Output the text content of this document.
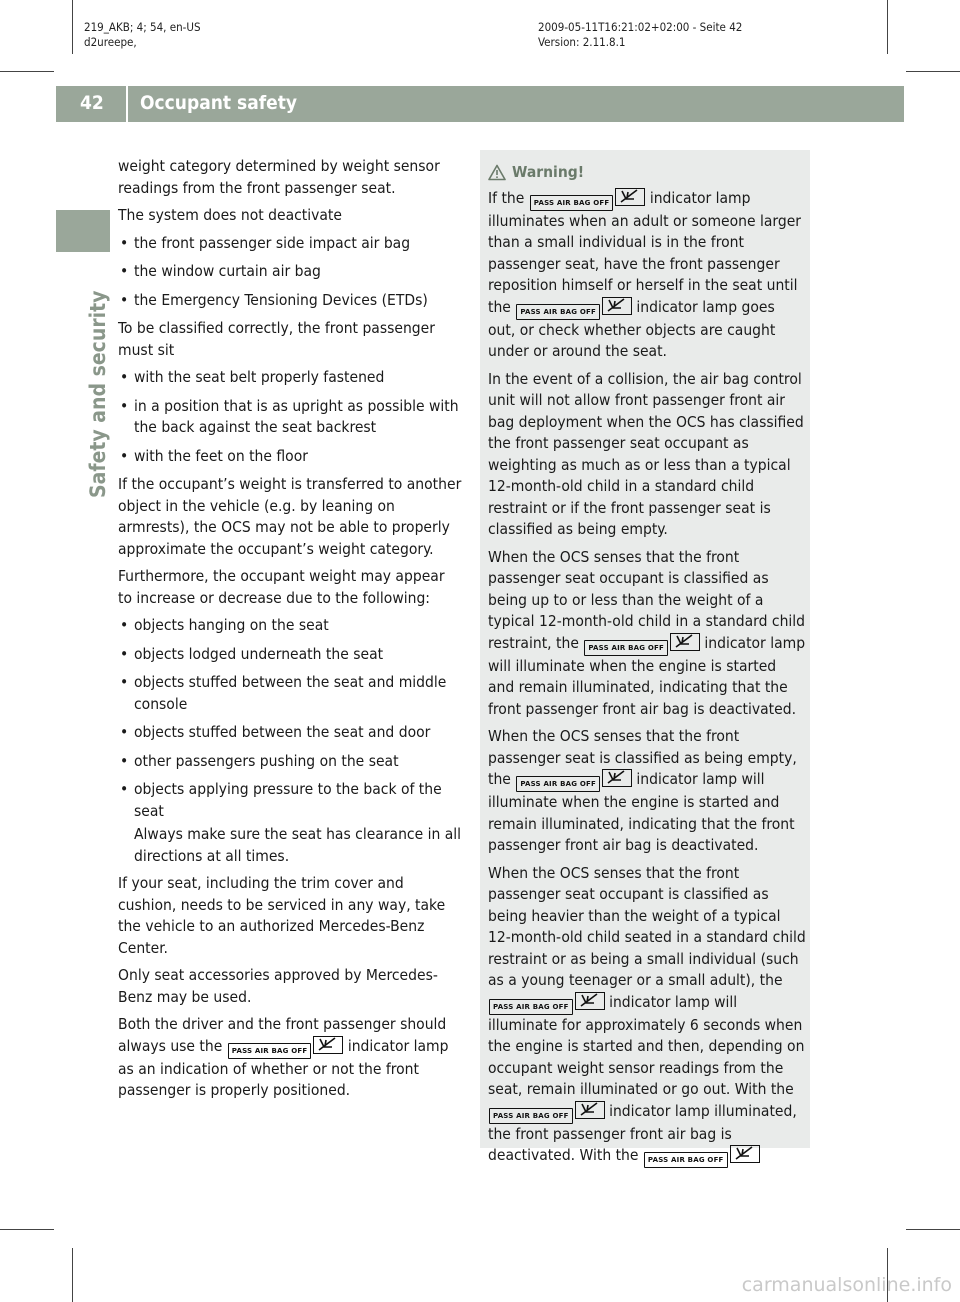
219_AKB; 4; 54, en-US
d2ureepe,
2009-05-11T16:21:02+02:00 - Seite 42
Version: 2.11.8.1
42 Occupant safety
Safety and security

weight category determined by weight sensor readings from the front passenger seat.

The system does not deactivate

• the front passenger side impact air bag
• the window curtain air bag
• the Emergency Tensioning Devices (ETDs)

To be classified correctly, the front passenger must sit

• with the seat belt properly fastened
• in a position that is as upright as possible with the back against the seat backrest
• with the feet on the floor

If the occupant’s weight is transferred to another object in the vehicle (e.g. by leaning on armrests), the OCS may not be able to properly approximate the occupant’s weight category.

Furthermore, the occupant weight may appear to increase or decrease due to the following:

• objects hanging on the seat
• objects lodged underneath the seat
• objects stuffed between the seat and middle console
• objects stuffed between the seat and door
• other passengers pushing on the seat
• objects applying pressure to the back of the seat

Always make sure the seat has clearance in all directions at all times.

If your seat, including the trim cover and cushion, needs to be serviced in any way, take the vehicle to an authorized Mercedes-Benz Center.

Only seat accessories approved by Mercedes-Benz may be used.

Both the driver and the front passenger should always use the PASS AIR BAG OFF	indicator lamp as an indication of whether or not the front passenger is properly positioned.

Warning!

If the PASS AIR BAG OFF	indicator lamp illuminates when an adult or someone larger than a small individual is in the front passenger seat, have the front passenger reposition himself or herself in the seat until the PASS AIR BAG OFF	indicator lamp goes out, or check whether objects are caught under or around the seat.

In the event of a collision, the air bag control unit will not allow front passenger front air bag deployment when the OCS has classified the front passenger seat occupant as weighting as much as or less than a typical 12-month-old child in a standard child restraint or if the front passenger seat is classified as being empty.

When the OCS senses that the front passenger seat occupant is classified as being up to or less than the weight of a typical 12-month-old child in a standard child restraint, the PASS AIR BAG OFF	indicator lamp will illuminate when the engine is started and remain illuminated, indicating that the front passenger front air bag is deactivated.

When the OCS senses that the front passenger seat is classified as being empty, the PASS AIR BAG OFF	indicator lamp will illuminate when the engine is started and remain illuminated, indicating that the front passenger front air bag is deactivated.

When the OCS senses that the front passenger seat occupant is classified as being heavier than the weight of a typical 12-month-old child seated in a standard child restraint or as being a small individual (such as a young teenager or a small adult), the PASS AIR BAG OFF	indicator lamp will illuminate for approximately 6 seconds when the engine is started and then, depending on occupant weight sensor readings from the seat, remain illuminated or go out. With the PASS AIR BAG OFF	indicator lamp illuminated, the front passenger front air bag is deactivated. With the PASS AIR BAG OFF

carmanualsonline.info
